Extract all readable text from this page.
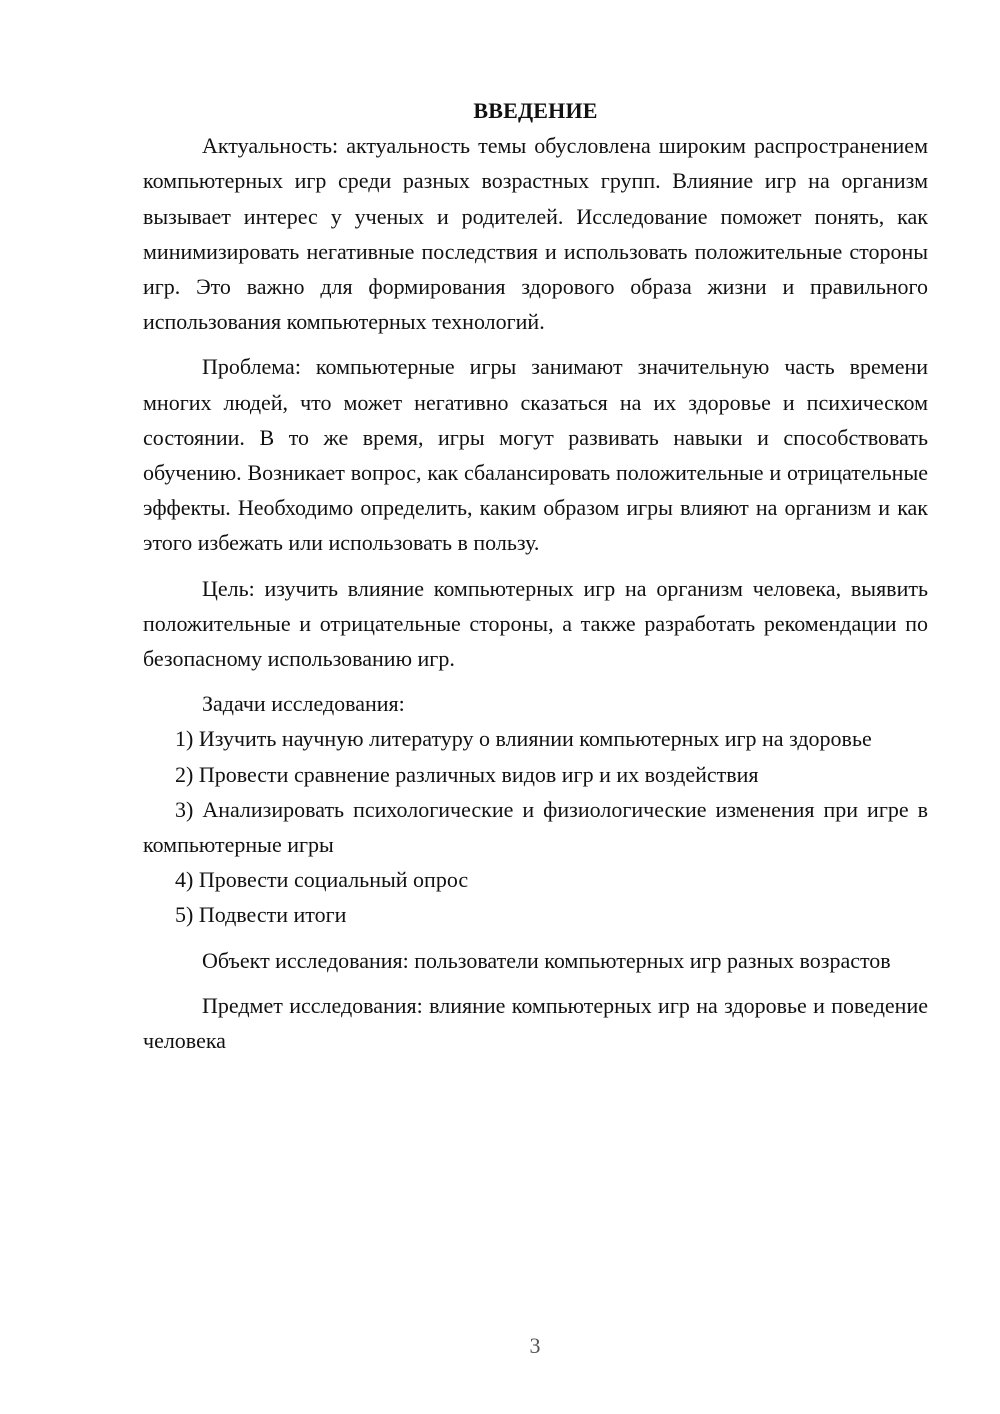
ВВЕДЕНИЕ

Актуальность: актуальность темы обусловлена широким распространением компьютерных игр среди разных возрастных групп. Влияние игр на организм вызывает интерес у ученых и родителей. Исследование поможет понять, как минимизировать негативные последствия и использовать положительные стороны игр. Это важно для формирования здорового образа жизни и правильного использования компьютерных технологий.

Проблема: компьютерные игры занимают значительную часть времени многих людей, что может негативно сказаться на их здоровье и психическом состоянии. В то же время, игры могут развивать навыки и способствовать обучению. Возникает вопрос, как сбалансировать положительные и отрицательные эффекты. Необходимо определить, каким образом игры влияют на организм и как этого избежать или использовать в пользу.

Цель: изучить влияние компьютерных игр на организм человека, выявить положительные и отрицательные стороны, а также разработать рекомендации по безопасному использованию игр.

Задачи исследования:

1) Изучить научную литературу о влиянии компьютерных игр на здоровье

2) Провести сравнение различных видов игр и их воздействия

3) Анализировать психологические и физиологические изменения при игре в компьютерные игры

4) Провести социальный опрос

5) Подвести итоги

Объект исследования: пользователи компьютерных игр разных возрастов

Предмет исследования: влияние компьютерных игр на здоровье и поведение человека

3
